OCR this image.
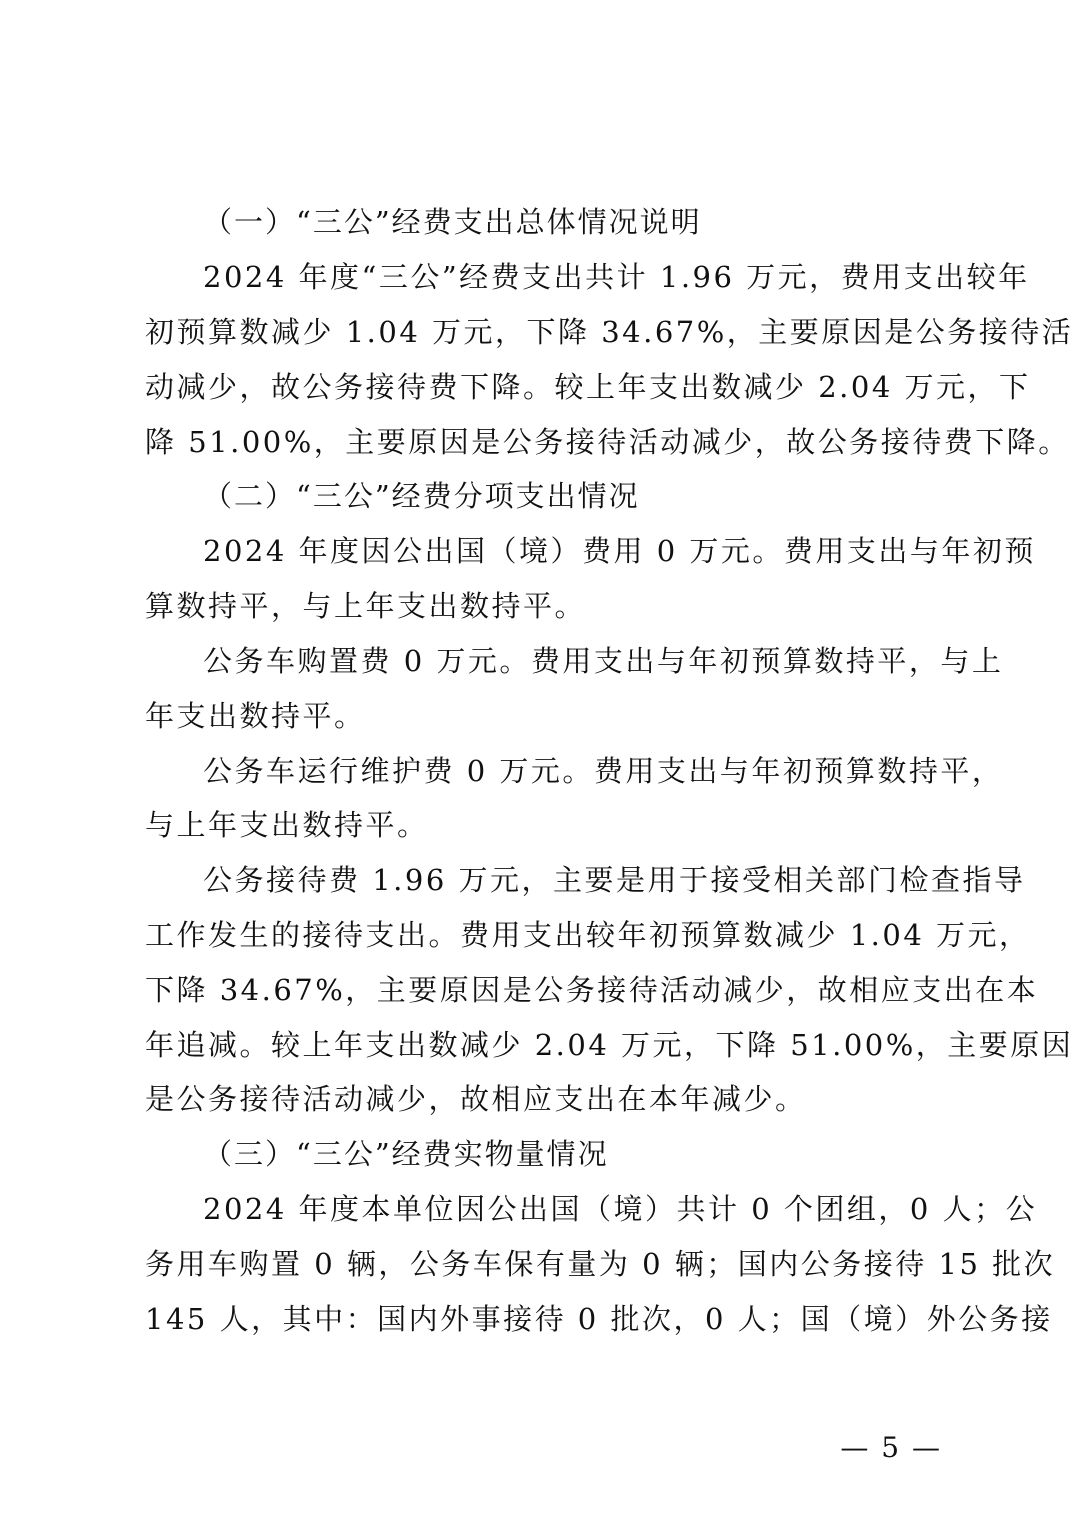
（一）“三公”经费支出总体情况说明
2024 年度“三公”经费支出共计 1.96 万元，费用支出较年
初预算数减少 1.04 万元，下降 34.67%，主要原因是公务接待活
动减少，故公务接待费下降。较上年支出数减少 2.04 万元，下
降 51.00%，主要原因是公务接待活动减少，故公务接待费下降。
（二）“三公”经费分项支出情况
2024 年度因公出国（境）费用 0 万元。费用支出与年初预
算数持平，与上年支出数持平。
公务车购置费 0 万元。费用支出与年初预算数持平，与上
年支出数持平。
公务车运行维护费 0 万元。费用支出与年初预算数持平，
与上年支出数持平。
公务接待费 1.96 万元，主要是用于接受相关部门检查指导
工作发生的接待支出。费用支出较年初预算数减少 1.04 万元，
下降 34.67%，主要原因是公务接待活动减少，故相应支出在本
年追减。较上年支出数减少 2.04 万元，下降 51.00%，主要原因
是公务接待活动减少，故相应支出在本年减少。
（三）“三公”经费实物量情况
2024 年度本单位因公出国（境）共计 0 个团组，0 人；公
务用车购置 0 辆，公务车保有量为 0 辆；国内公务接待 15 批次
145 人，其中：国内外事接待 0 批次，0 人；国（境）外公务接
— 5 —
